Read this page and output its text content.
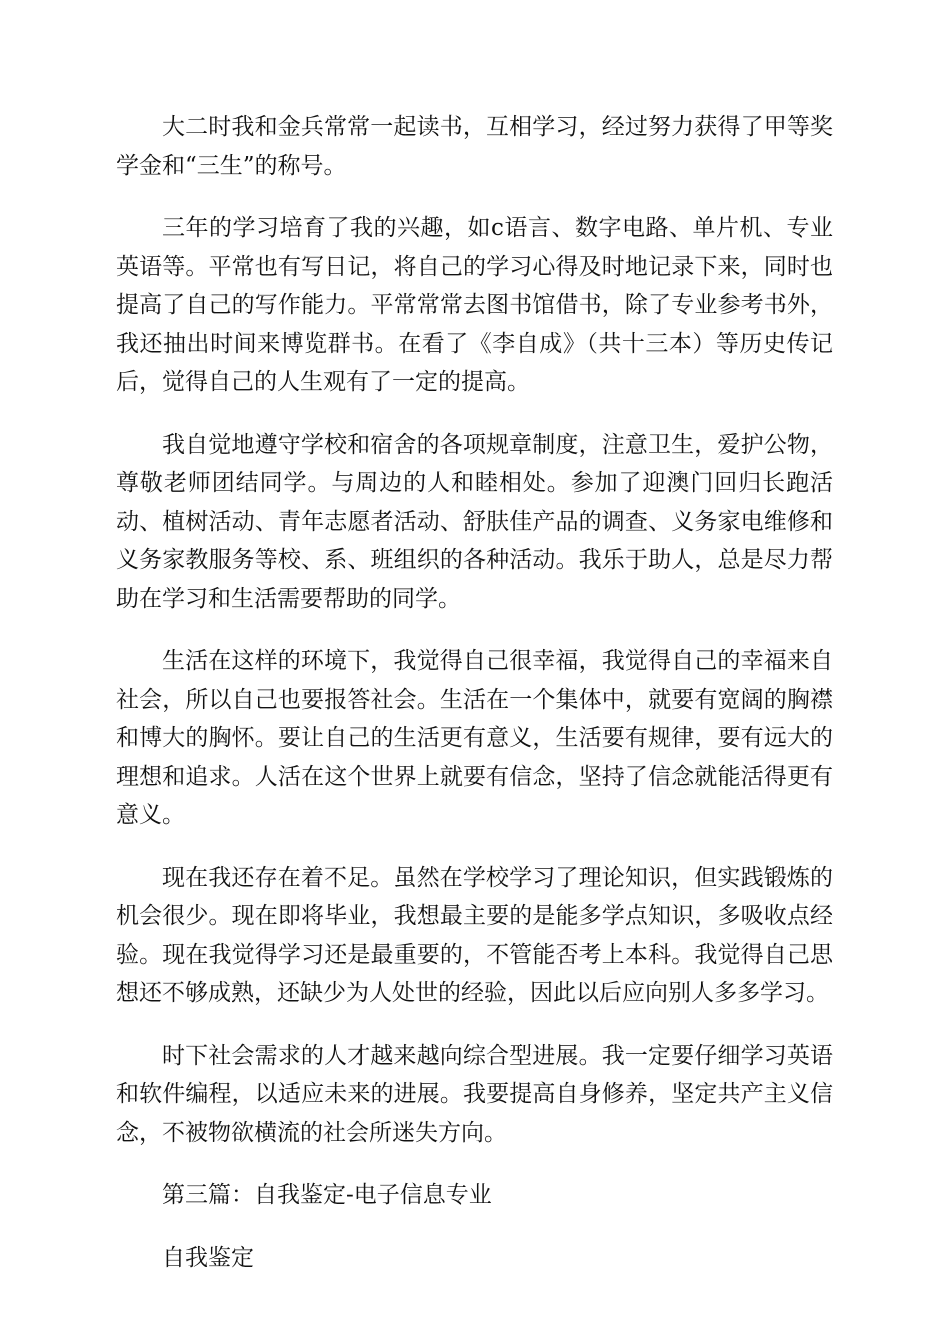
大二时我和金兵常常一起读书，互相学习，经过努力获得了甲等奖学金和“三生”的称号。

三年的学习培育了我的兴趣，如c语言、数字电路、单片机、专业英语等。平常也有写日记，将自己的学习心得及时地记录下来，同时也提高了自己的写作能力。平常常常去图书馆借书，除了专业参考书外，我还抽出时间来博览群书。在看了《李自成》（共十三本）等历史传记后，觉得自己的人生观有了一定的提高。

我自觉地遵守学校和宿舍的各项规章制度，注意卫生，爱护公物，尊敬老师团结同学。与周边的人和睦相处。参加了迎澳门回归长跑活动、植树活动、青年志愿者活动、舒肤佳产品的调查、义务家电维修和义务家教服务等校、系、班组织的各种活动。我乐于助人，总是尽力帮助在学习和生活需要帮助的同学。

生活在这样的环境下，我觉得自己很幸福，我觉得自己的幸福来自社会，所以自己也要报答社会。生活在一个集体中，就要有宽阔的胸襟和博大的胸怀。要让自己的生活更有意义，生活要有规律，要有远大的理想和追求。人活在这个世界上就要有信念，坚持了信念就能活得更有意义。

现在我还存在着不足。虽然在学校学习了理论知识，但实践锻炼的机会很少。现在即将毕业，我想最主要的是能多学点知识，多吸收点经验。现在我觉得学习还是最重要的，不管能否考上本科。我觉得自己思想还不够成熟，还缺少为人处世的经验，因此以后应向别人多多学习。

时下社会需求的人才越来越向综合型进展。我一定要仔细学习英语和软件编程，以适应未来的进展。我要提高自身修养，坚定共产主义信念，不被物欲横流的社会所迷失方向。

第三篇：自我鉴定-电子信息专业

自我鉴定
